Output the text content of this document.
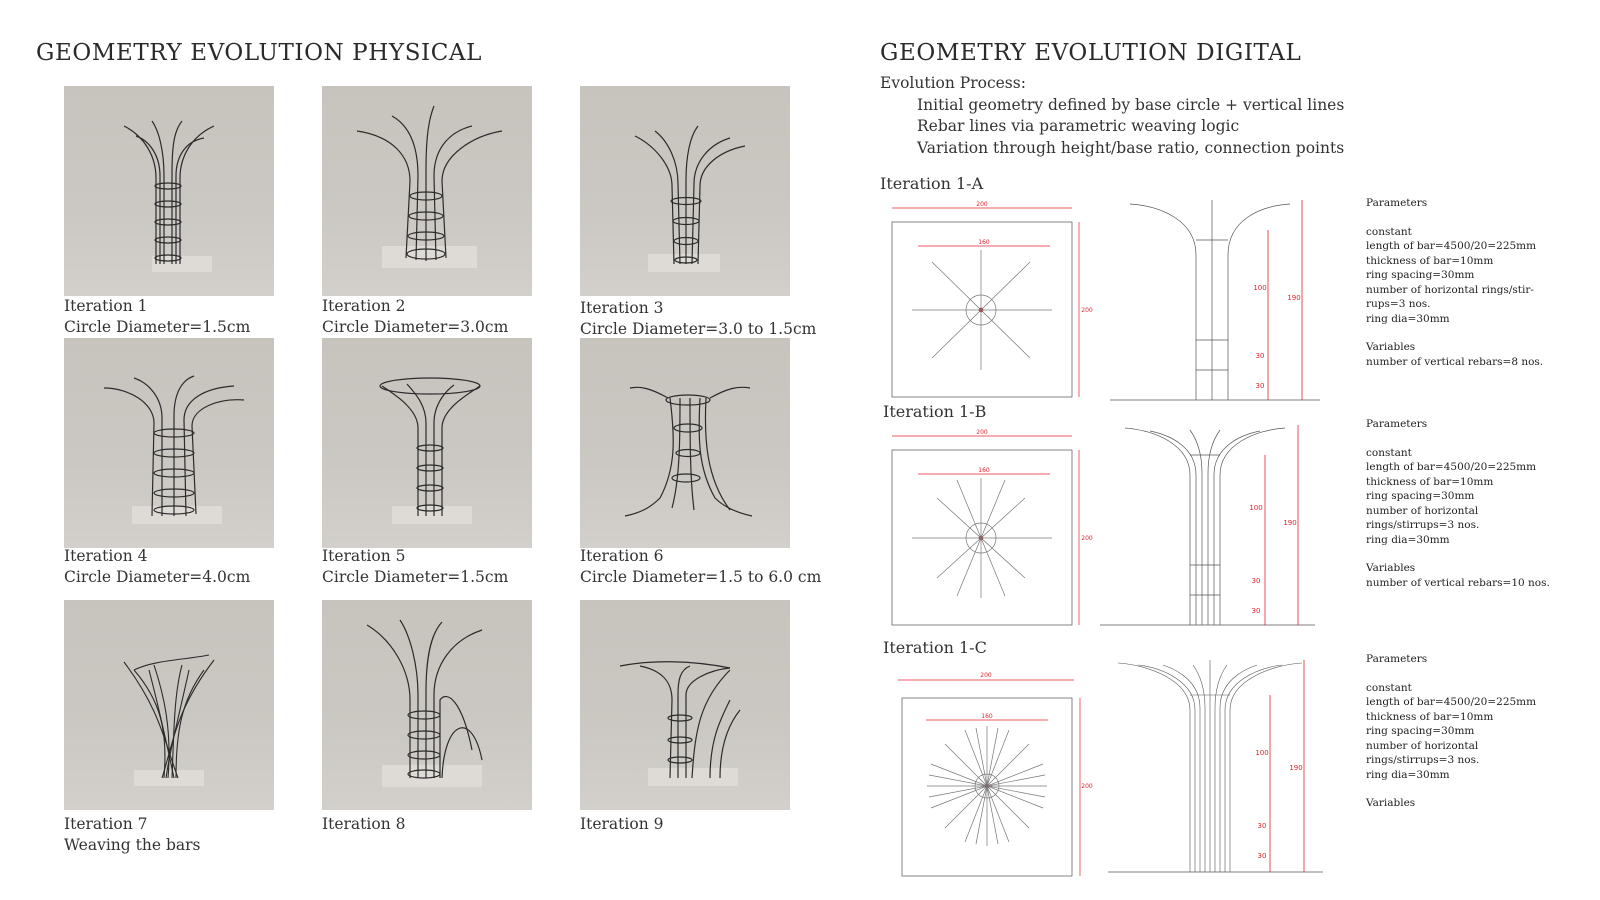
GEOMETRY EVOLUTION PHYSICAL
Iteration 1
Circle Diameter=1.5cm
Iteration 2
Circle Diameter=3.0cm
Iteration 3
Circle Diameter=3.0 to 1.5cm
Iteration 4
Circle Diameter=4.0cm
Iteration 5
Circle Diameter=1.5cm
Iteration 6
Circle Diameter=1.5 to 6.0 cm
Iteration 7
Weaving the bars
Iteration 8	Iteration 9
GEOMETRY EVOLUTION DIGITAL
Evolution Process:
Initial geometry defined by base circle + vertical lines
Rebar lines via parametric weaving logic
Variation through height/base ratio, connection points
Iteration 1-A
200
160
200
100
30
30
190
Parameters
constant
length of bar=4500/20=225mm
thickness of bar=10mm
ring spacing=30mm
number of horizontal rings/stir-rups=3 nos.
ring dia=30mm
Variables
number of vertical rebars=8 nos.
Iteration 1-B
200
160
200
100
30
30
190
Parameters
constant
length of bar=4500/20=225mm
thickness of bar=10mm
ring spacing=30mm
number of horizontal rings/stirrups=3 nos.
ring dia=30mm
Variables
number of vertical rebars=10 nos.
Iteration 1-C
200
160
200
100
30
30
190
Parameters
constant
length of bar=4500/20=225mm
thickness of bar=10mm
ring spacing=30mm
number of horizontal rings/stirrups=3 nos.
ring dia=30mm
Variables
